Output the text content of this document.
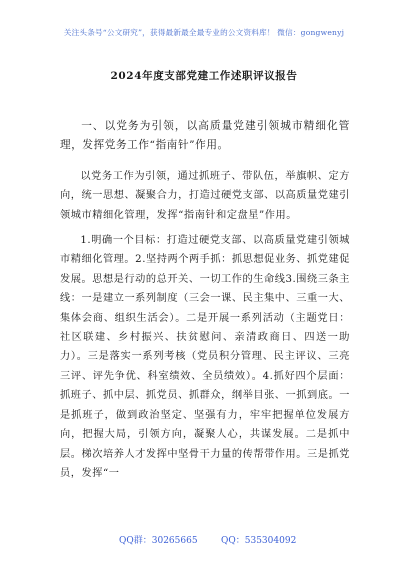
关注头条号“公文研究”，获得最新最全最专业的公文资料库！ 微信：gongwenyj
2024年度支部党建工作述职评议报告

一、以党务为引领，以高质量党建引领城市精细化管理，发挥党务工作“指南针”作用。

以党务工作为引领，通过抓班子、带队伍，举旗帜、定方向，统一思想、凝聚合力，打造过硬党支部、以高质量党建引领城市精细化管理，发挥“指南针和定盘星”作用。

1.明确一个目标：打造过硬党支部、以高质量党建引领城市精细化管理。2.坚持两个两手抓：抓思想促业务、抓党建促发展。思想是行动的总开关、一切工作的生命线3.围绕三条主线：一是建立一系列制度（三会一课、民主集中、三重一大、集体会商、组织生活会）。二是开展一系列活动（主题党日：社区联建、乡村振兴、扶贫慰问、亲清政商日、四送一助力）。三是落实一系列考核（党员积分管理、民主评议、三亮三评、评先争优、科室绩效、全员绩效）。4.抓好四个层面：抓班子、抓中层、抓党员、抓群众，纲举目张、一抓到底。一是抓班子，做到政治坚定、坚强有力，牢牢把握单位发展方向，把握大局，引领方向，凝聚人心，共谋发展。二是抓中层。梯次培养人才发挥中坚骨干力量的传帮带作用。三是抓党员，发挥“一

QQ群：30265665	QQ：535304092
